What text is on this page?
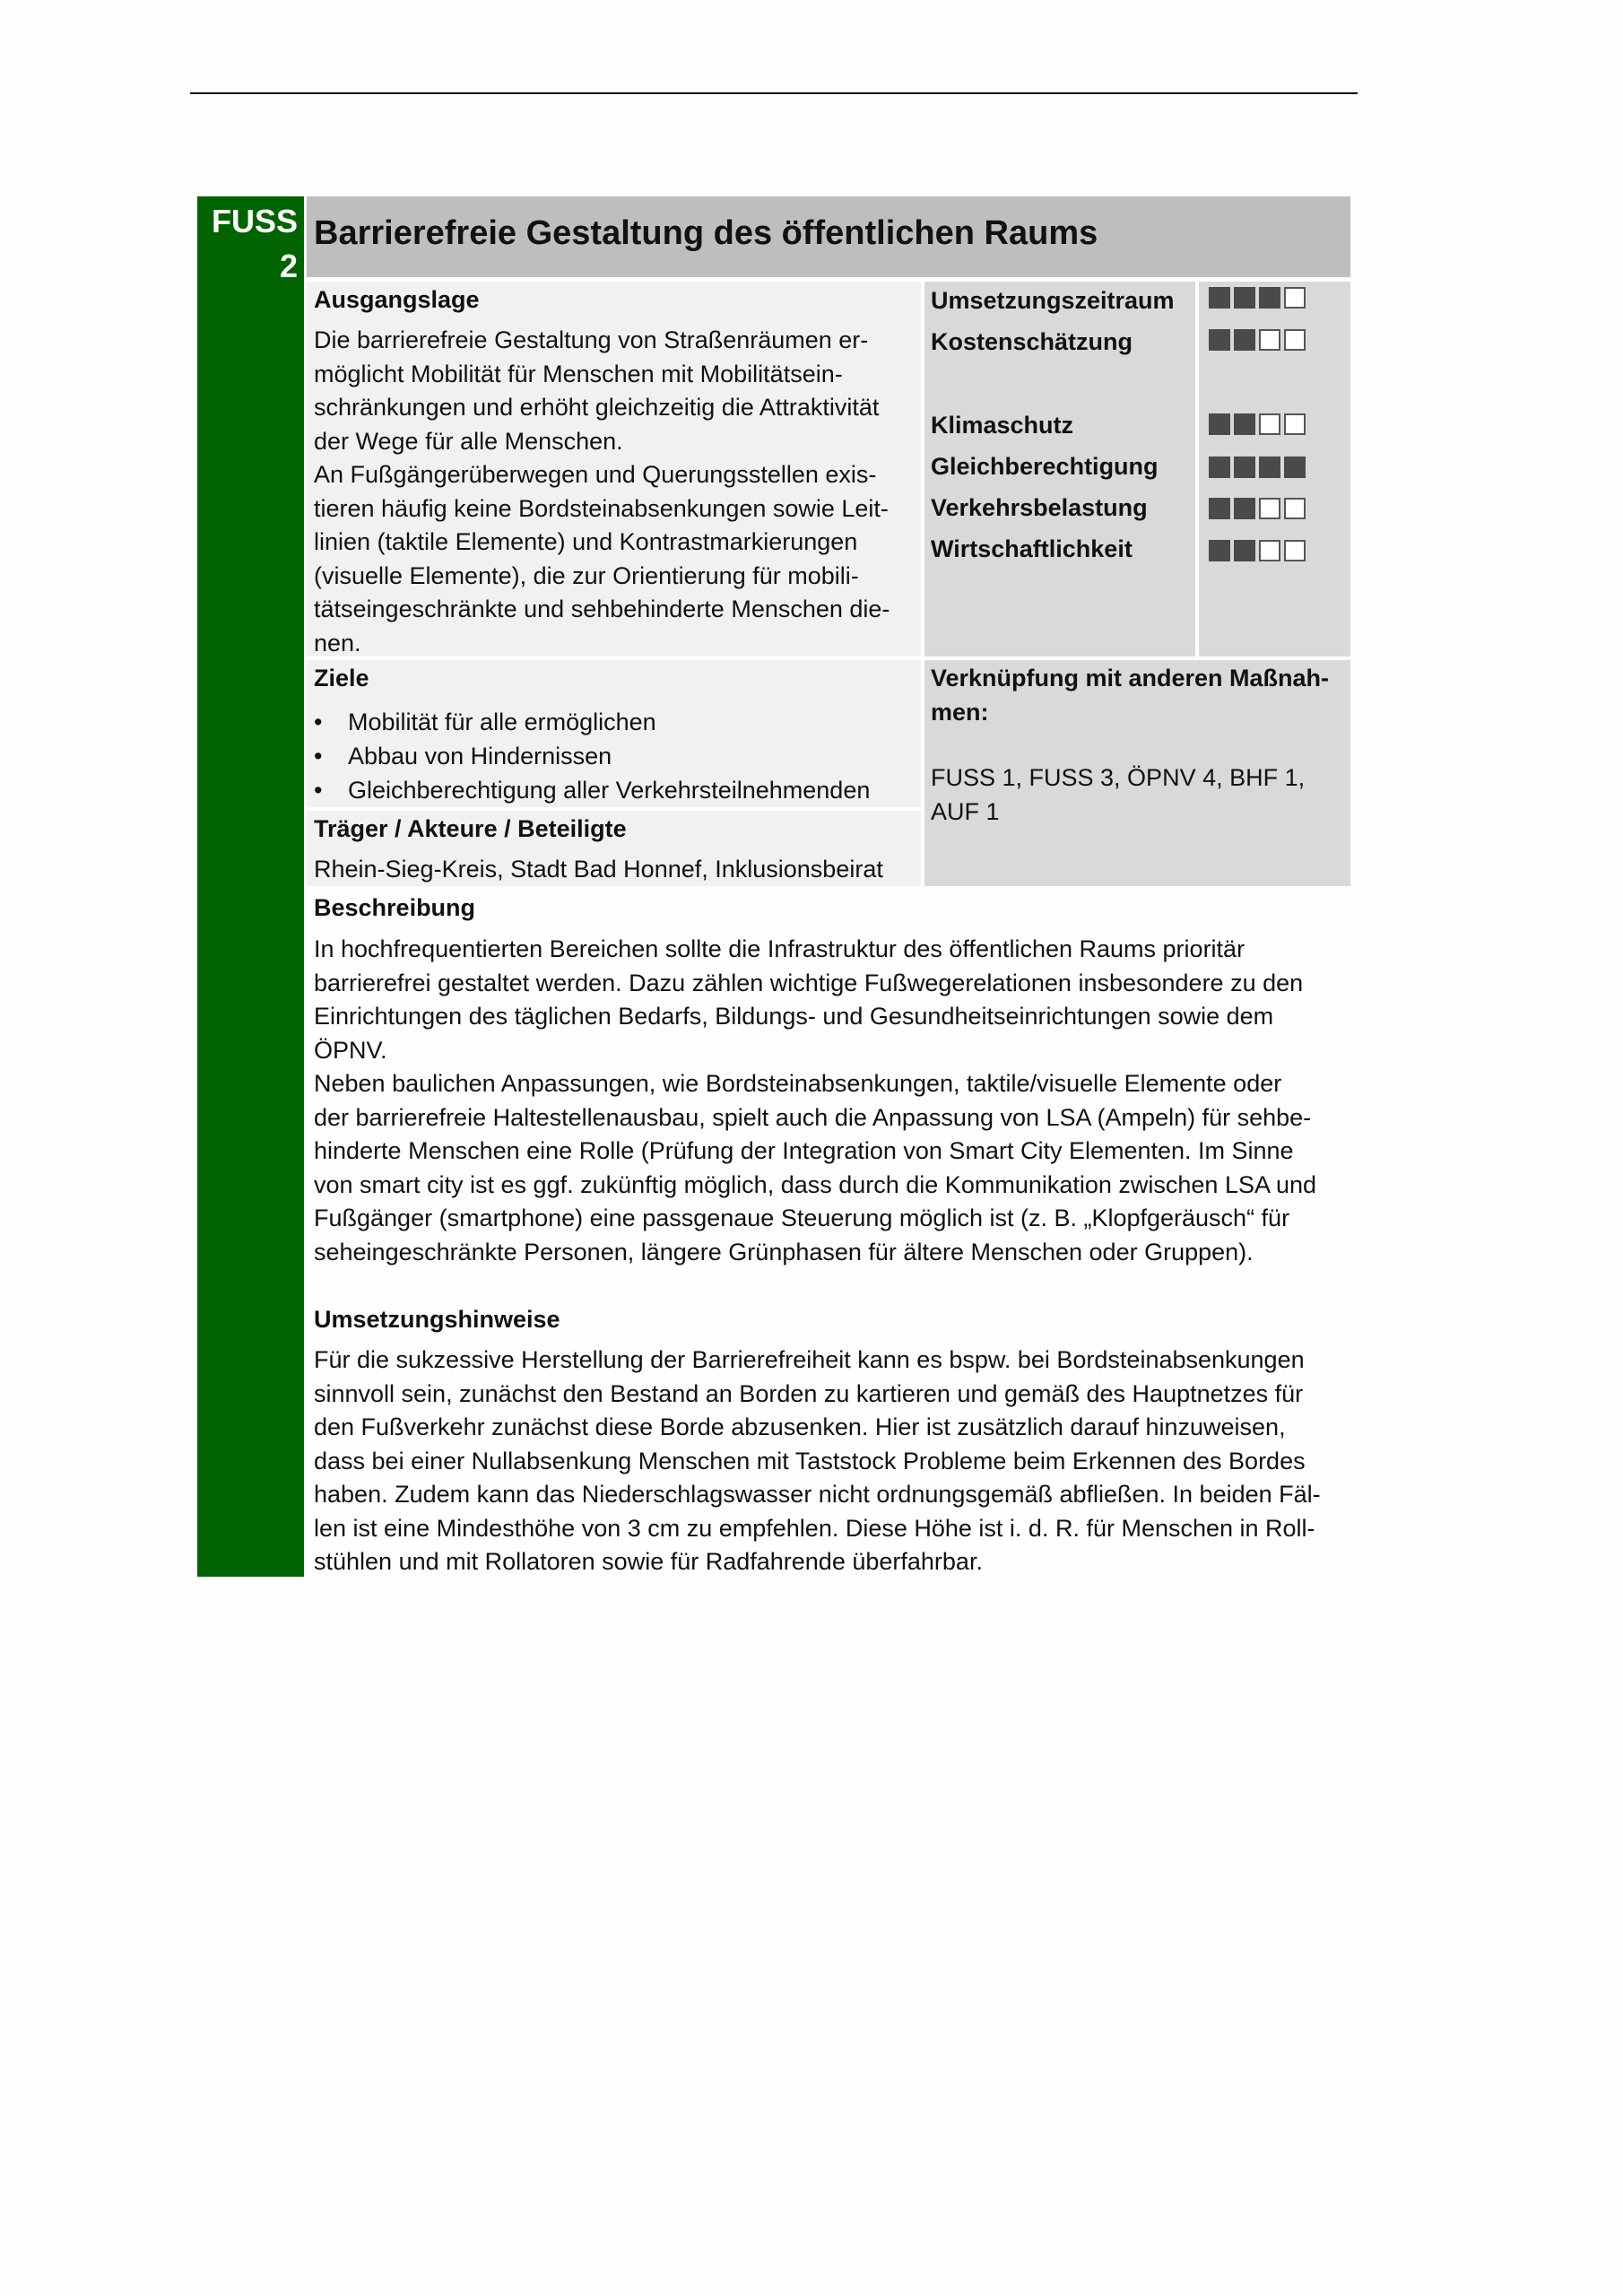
FUSS
2
Barrierefreie Gestaltung des öffentlichen Raums
Ausgangslage
Die barrierefreie Gestaltung von Straßenräumen er-
möglicht Mobilität für Menschen mit Mobilitätsein-
schränkungen und erhöht gleichzeitig die Attraktivität
der Wege für alle Menschen.
An Fußgängerüberwegen und Querungsstellen exis-
tieren häufig keine Bordsteinabsenkungen sowie Leit-
linien (taktile Elemente) und Kontrastmarkierungen
(visuelle Elemente), die zur Orientierung für mobili-
tätseingeschränkte und sehbehinderte Menschen die-
nen.
Umsetzungszeitraum
Kostenschätzung
Klimaschutz
Gleichberechtigung
Verkehrsbelastung
Wirtschaftlichkeit
Ziele
• Mobilität für alle ermöglichen
• Abbau von Hindernissen
• Gleichberechtigung aller Verkehrsteilnehmenden
Träger / Akteure / Beteiligte
Rhein-Sieg-Kreis, Stadt Bad Honnef, Inklusionsbeirat
Verknüpfung mit anderen Maßnah-
men:
FUSS 1, FUSS 3, ÖPNV 4, BHF 1,
AUF 1
Beschreibung
In hochfrequentierten Bereichen sollte die Infrastruktur des öffentlichen Raums prioritär
barrierefrei gestaltet werden. Dazu zählen wichtige Fußwegerelationen insbesondere zu den
Einrichtungen des täglichen Bedarfs, Bildungs- und Gesundheitseinrichtungen sowie dem
ÖPNV.
Neben baulichen Anpassungen, wie Bordsteinabsenkungen, taktile/visuelle Elemente oder
der barrierefreie Haltestellenausbau, spielt auch die Anpassung von LSA (Ampeln) für sehbe-
hinderte Menschen eine Rolle (Prüfung der Integration von Smart City Elementen. Im Sinne
von smart city ist es ggf. zukünftig möglich, dass durch die Kommunikation zwischen LSA und
Fußgänger (smartphone) eine passgenaue Steuerung möglich ist (z. B. „Klopfgeräusch“ für
seheingeschränkte Personen, längere Grünphasen für ältere Menschen oder Gruppen).
Umsetzungshinweise
Für die sukzessive Herstellung der Barrierefreiheit kann es bspw. bei Bordsteinabsenkungen
sinnvoll sein, zunächst den Bestand an Borden zu kartieren und gemäß des Hauptnetzes für
den Fußverkehr zunächst diese Borde abzusenken. Hier ist zusätzlich darauf hinzuweisen,
dass bei einer Nullabsenkung Menschen mit Taststock Probleme beim Erkennen des Bordes
haben. Zudem kann das Niederschlagswasser nicht ordnungsgemäß abfließen. In beiden Fäl-
len ist eine Mindesthöhe von 3 cm zu empfehlen. Diese Höhe ist i. d. R. für Menschen in Roll-
stühlen und mit Rollatoren sowie für Radfahrende überfahrbar.
